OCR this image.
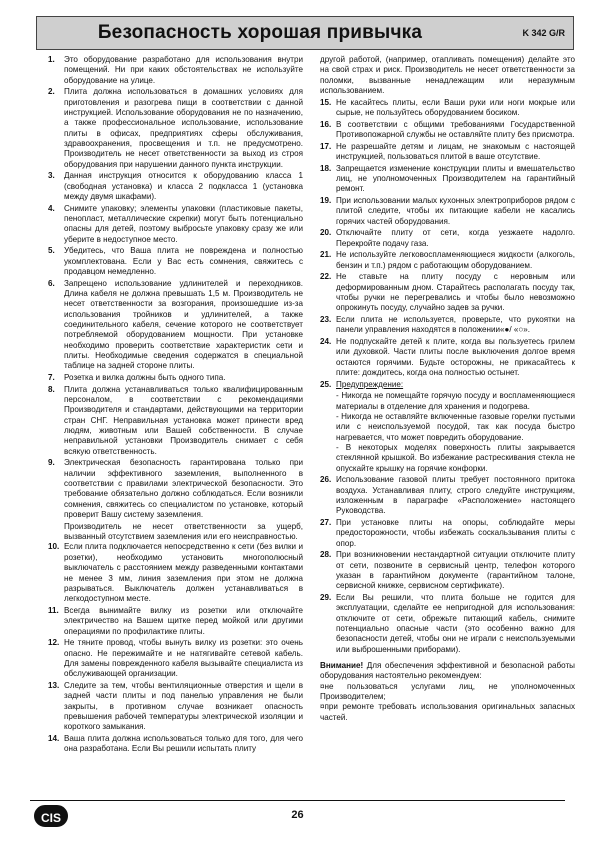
Безопасность хорошая привычка	K 342 G/R
1. Это оборудование разработано для использования внутри помещений. Ни при каких обстоятельствах не используйте оборудование на улице.
2. Плита должна использоваться в домашних условиях для приготовления и разогрева пищи в соответствии с данной инструкцией. Использование оборудования не по назначению, а также профессиональное использование, использование плиты в офисах, предприятиях сферы обслуживания, здравоохранения, просвещения и т.п. не предусмотрено. Производитель не несет ответственности за выход из строя оборудования при нарушении данного пункта инструкции.
3. Данная инструкция относится к оборудованию класса 1 (свободная установка) и класса 2 подкласса 1 (установка между двумя шкафами).
4. Снимите упаковку; элементы упаковки (пластиковые пакеты, пенопласт, металлические скрепки) могут быть потенциально опасны для детей, поэтому выбросьте упаковку сразу же или уберите в недоступное место.
5. Убедитесь, что Ваша плита не повреждена и полностью укомплектована. Если у Вас есть сомнения, свяжитесь с продавцом немедленно.
6. Запрещено использование удлинителей и переходников. Длина кабеля не должна превышать 1,5 м. Производитель не несет ответственности за возгорания, произошедшие из-за использования тройников и удлинителей, а также соединительного кабеля, сечение которого не соответствует потребляемой оборудованием мощности. При установке необходимо проверить соответствие характеристик сети и плиты. Необходимые сведения содержатся в специальной таблице на задней стороне плиты.
7. Розетка и вилка должны быть одного типа.
8. Плита должна устанавливаться только квалифицированным персоналом, в соответствии с рекомендациями Производителя и стандартами, действующими на территории стран СНГ. Неправильная установка может принести вред людям, животным или Вашей собственности. В случае неправильной установки Производитель снимает с себя всякую ответственность.
9. Электрическая безопасность гарантирована только при наличии эффективного заземления, выполненного в соответствии с правилами электрической безопасности. Это требование обязательно должно соблюдаться. Если возникли сомнения, свяжитесь со специалистом по установке, который проверит Вашу систему заземления.
Производитель не несет ответственности за ущерб, вызванный отсутствием заземления или его неисправностью.
10. Если плита подключается непосредственно к сети (без вилки и розетки), необходимо установить многополюсный выключатель с расстоянием между разведенными контактами не менее 3 мм, линия заземления при этом не должна разрываться. Выключатель должен устанавливаться в легкодоступном месте.
11. Всегда вынимайте вилку из розетки или отключайте электричество на Вашем щитке перед мойкой или другими операциями по профилактике плиты.
12. Не тяните провод, чтобы вынуть вилку из розетки: это очень опасно. Не пережимайте и не натягивайте сетевой кабель. Для замены поврежденного кабеля вызывайте специалиста из обслуживающей организации.
13. Следите за тем, чтобы вентиляционные отверстия и щели в задней части плиты и под панелью управления не были закрыты, в противном случае возникает опасность превышения рабочей температуры электрической изоляции и короткого замыкания.
14. Ваша плита должна использоваться только для того, для чего она разработана. Если Вы решили испытать плиту
другой работой, (например, отапливать помещения) делайте это на свой страх и риск. Производитель не несет ответственности за поломки, вызванные ненадлежащим или неразумным использованием.
15. Не касайтесь плиты, если Ваши руки или ноги мокрые или сырые, не пользуйтесь оборудованием босиком.
16. В соответствии с общими требованиями Государственной Противопожарной службы не оставляйте плиту без присмотра.
17. Не разрешайте детям и лицам, не знакомым с настоящей инструкцией, пользоваться плитой в ваше отсутствие.
18. Запрещается изменение конструкции плиты и вмешательство лиц, не уполномоченных Производителем на гарантийный ремонт.
19. При использовании малых кухонных электроприборов рядом с плитой следите, чтобы их питающие кабели не касались горячих частей оборудования.
20. Отключайте плиту от сети, когда уезжаете надолго. Перекройте подачу газа.
21. Не используйте легковоспламеняющиеся жидкости (алкоголь, бензин и т.п.) рядом с работающим оборудованием.
22. Не ставьте на плиту посуду с неровным или деформированным дном. Старайтесь располагать посуду так, чтобы ручки не перегревались и чтобы было невозможно опрокинуть посуду, случайно задев за ручки.
23. Если плита не используется, проверьте, что рукоятки на панели управления находятся в положении«●/ «○».
24. Не подпускайте детей к плите, когда вы пользуетесь грилем или духовкой. Части плиты после выключения долгое время остаются горячими. Будьте осторожны, не прикасайтесь к плите: дождитесь, когда она полностью остынет.
25. Предупреждение:
- Никогда не помещайте горячую посуду и воспламеняющиеся материалы в отделение для хранения и подогрева.
- Никогда не оставляйте включенные газовые горелки пустыми или с неиспользуемой посудой, так как посуда быстро нагревается, что может повредить оборудование.
- В некоторых моделях поверхность плиты закрывается стеклянной крышкой. Во избежание растрескивания стекла не опускайте крышку на горячие конфорки.
26. Использование газовой плиты требует постоянного притока воздуха. Устанавливая плиту, строго следуйте инструкциям, изложенным в параграфе «Расположение» настоящего Руководства.
27. При установке плиты на опоры, соблюдайте меры предосторожности, чтобы избежать соскальзывания плиты с опор.
28. При возникновении нестандартной ситуации отключите плиту от сети, позвоните в сервисный центр, телефон которого указан в гарантийном документе (гарантийном талоне, сервисной книжке, сервисном сертификате).
29. Если Вы решили, что плита больше не годится для эксплуатации, сделайте ее непригодной для использования: отключите от сети, обрежьте питающий кабель, снимите потенциально опасные части (это особенно важно для безопасности детей, чтобы они не играли с неиспользуемыми или выброшенными приборами).
Внимание! Для обеспечения эффективной и безопасной работы оборудования настоятельно рекомендуем:
¤не пользоваться услугами лиц, не уполномоченных Производителем;
¤при ремонте требовать использования оригинальных запасных частей.
CIS	26
